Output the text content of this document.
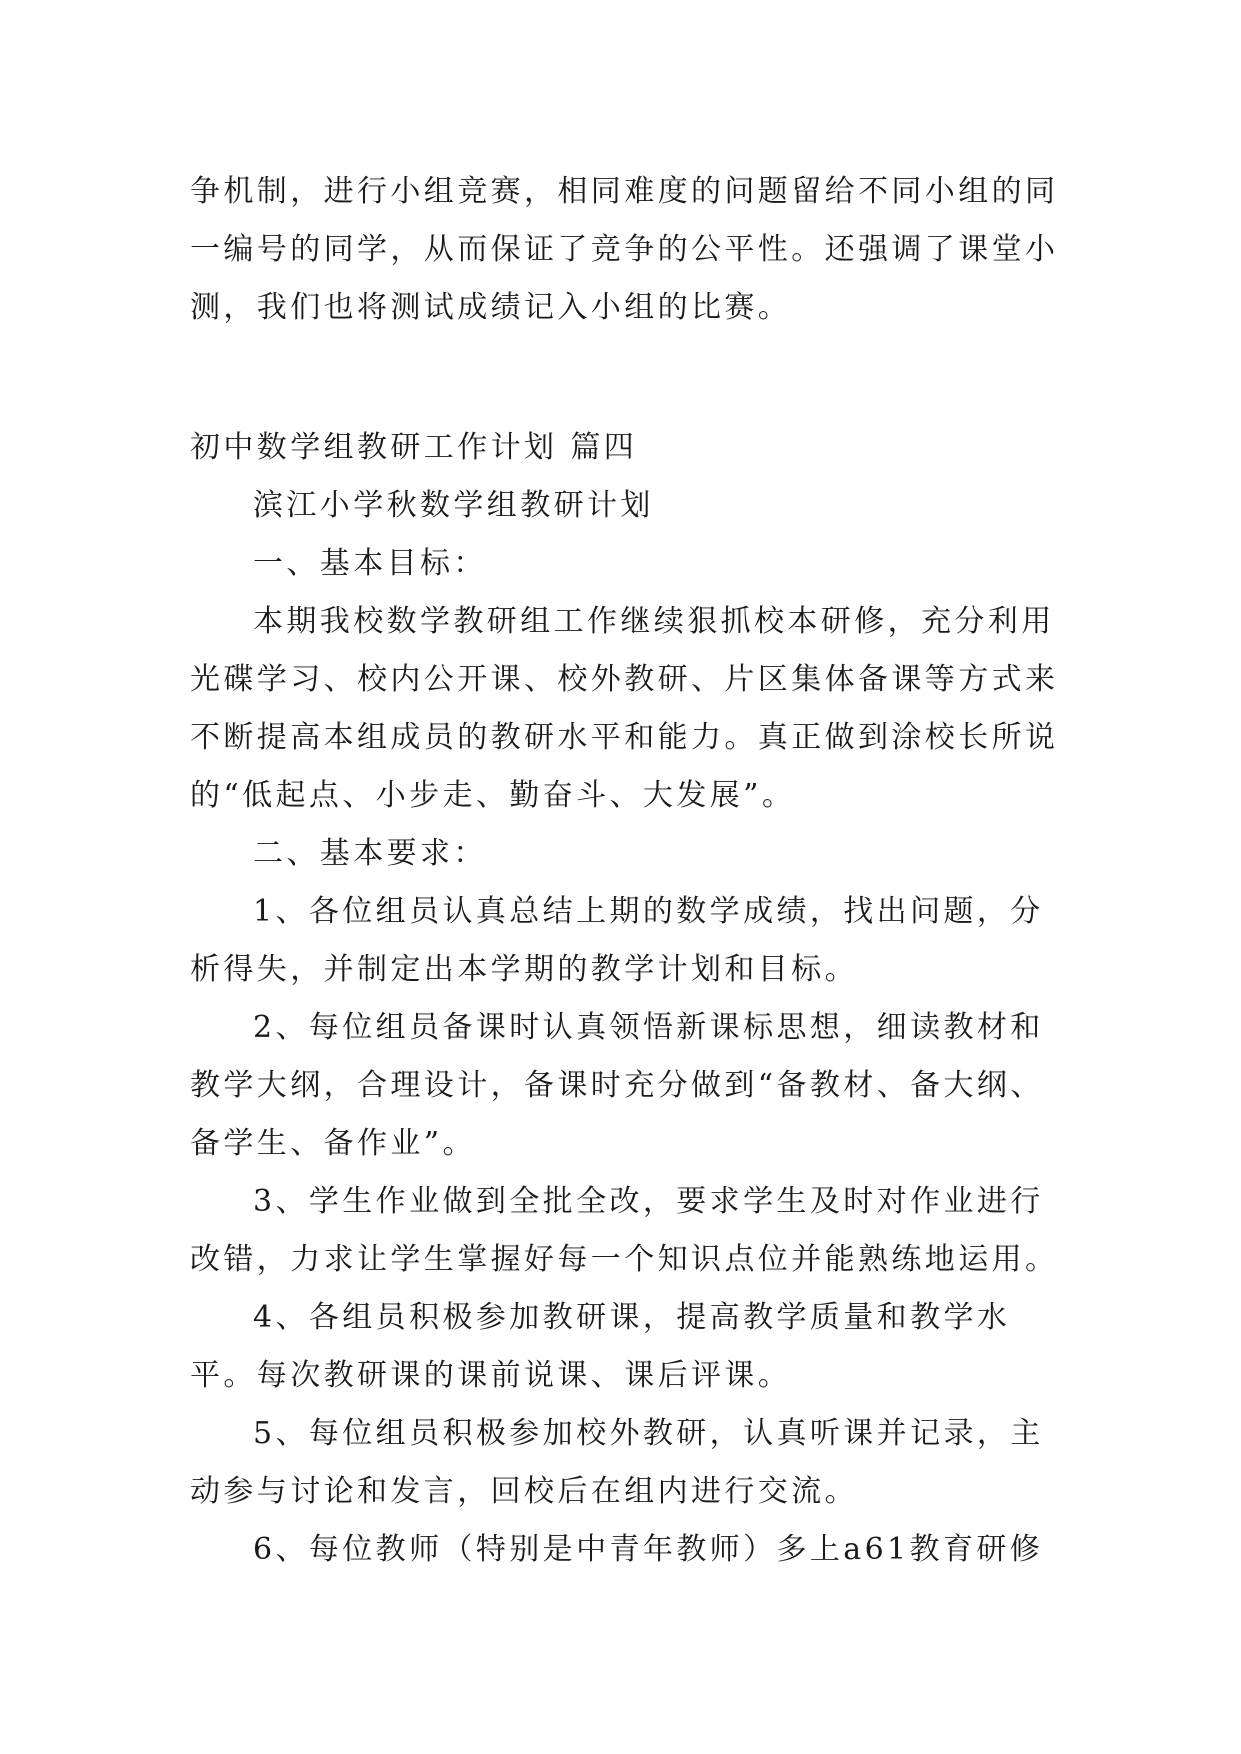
争机制，进行小组竞赛，相同难度的问题留给不同小组的同一编号的同学，从而保证了竞争的公平性。还强调了课堂小测，我们也将测试成绩记入小组的比赛。

初中数学组教研工作计划 篇四

滨江小学秋数学组教研计划

一、基本目标：

本期我校数学教研组工作继续狠抓校本研修，充分利用光碟学习、校内公开课、校外教研、片区集体备课等方式来不断提高本组成员的教研水平和能力。真正做到涂校长所说的“低起点、小步走、勤奋斗、大发展”。

二、基本要求：

1、各位组员认真总结上期的数学成绩，找出问题，分析得失，并制定出本学期的教学计划和目标。

2、每位组员备课时认真领悟新课标思想，细读教材和教学大纲，合理设计，备课时充分做到“备教材、备大纲、备学生、备作业”。

3、学生作业做到全批全改，要求学生及时对作业进行改错，力求让学生掌握好每一个知识点位并能熟练地运用。

4、各组员积极参加教研课，提高教学质量和教学水平。每次教研课的课前说课、课后评课。

5、每位组员积极参加校外教研，认真听课并记录，主动参与讨论和发言，回校后在组内进行交流。

6、每位教师（特别是中青年教师）多上a61教育研修
